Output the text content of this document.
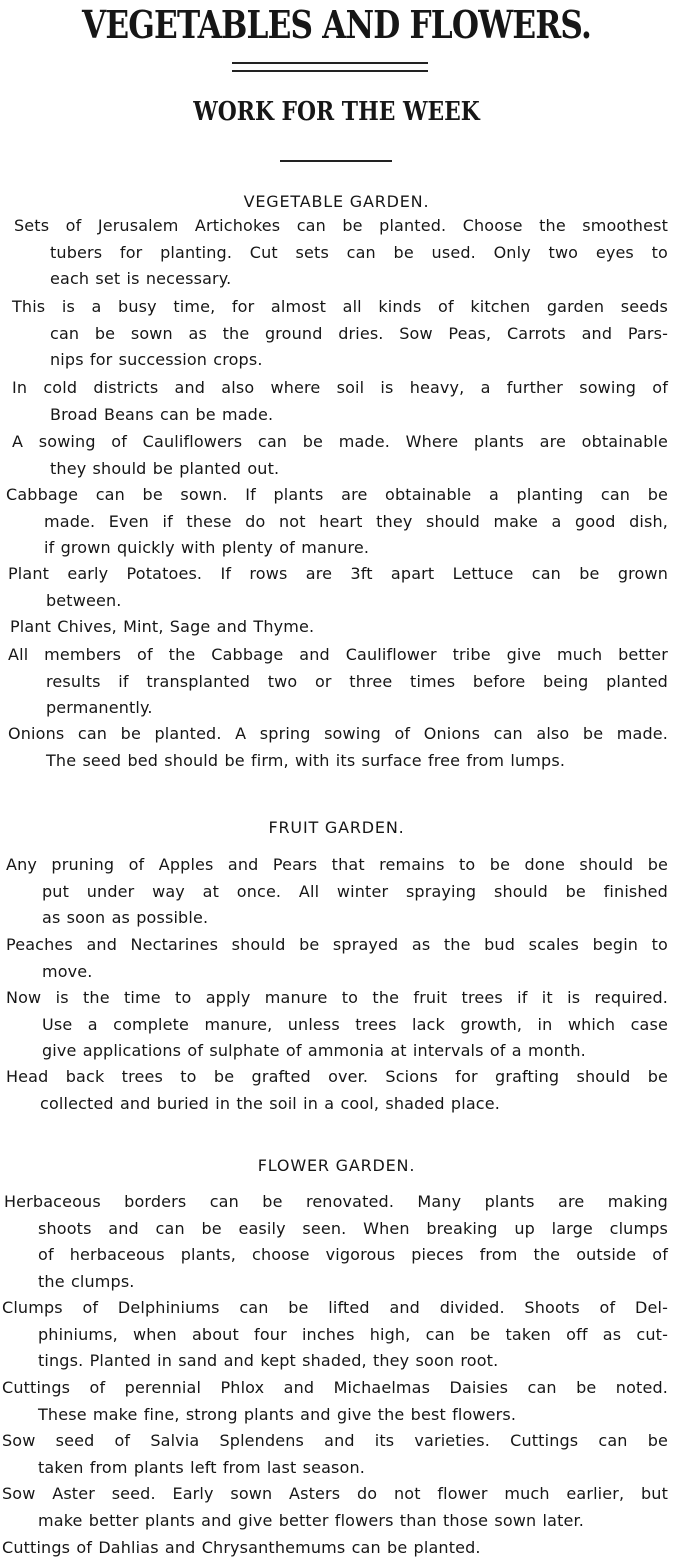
VEGETABLES AND FLOWERS.
WORK FOR THE WEEK
VEGETABLE GARDEN.

Sets of Jerusalem Artichokes can be planted. Choose the smoothest
tubers for planting. Cut sets can be used. Only two eyes to
each set is necessary.

This is a busy time, for almost all kinds of kitchen garden seeds
can be sown as the ground dries. Sow Peas, Carrots and Pars-
nips for succession crops.

In cold districts and also where soil is heavy, a further sowing of
Broad Beans can be made.

A sowing of Cauliflowers can be made. Where plants are obtainable
they should be planted out.

Cabbage can be sown. If plants are obtainable a planting can be
made. Even if these do not heart they should make a good dish,
if grown quickly with plenty of manure.

Plant early Potatoes. If rows are 3ft apart Lettuce can be grown
between.

Plant Chives, Mint, Sage and Thyme.

All members of the Cabbage and Cauliflower tribe give much better
results if transplanted two or three times before being planted
permanently.

Onions can be planted. A spring sowing of Onions can also be made.
The seed bed should be firm, with its surface free from lumps.

FRUIT GARDEN.

Any pruning of Apples and Pears that remains to be done should be
put under way at once. All winter spraying should be finished
as soon as possible.

Peaches and Nectarines should be sprayed as the bud scales begin to
move.

Now is the time to apply manure to the fruit trees if it is required.
Use a complete manure, unless trees lack growth, in which case
give applications of sulphate of ammonia at intervals of a month.

Head back trees to be grafted over. Scions for grafting should be
collected and buried in the soil in a cool, shaded place.

FLOWER GARDEN.

Herbaceous borders can be renovated. Many plants are making
shoots and can be easily seen. When breaking up large clumps
of herbaceous plants, choose vigorous pieces from the outside of
the clumps.

Clumps of Delphiniums can be lifted and divided. Shoots of Del-
phiniums, when about four inches high, can be taken off as cut-
tings. Planted in sand and kept shaded, they soon root.

Cuttings of perennial Phlox and Michaelmas Daisies can be noted.
These make fine, strong plants and give the best flowers.

Sow seed of Salvia Splendens and its varieties. Cuttings can be
taken from plants left from last season.

Sow Aster seed. Early sown Asters do not flower much earlier, but
make better plants and give better flowers than those sown later.

Cuttings of Dahlias and Chrysanthemums can be planted.
